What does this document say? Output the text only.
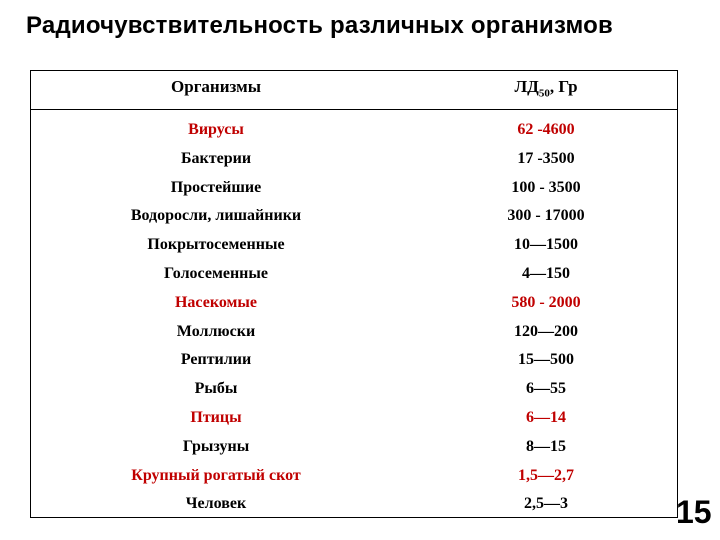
Радиочувствительность различных организмов
Организмы	$ЛД_{50}$, Гр
Вирусы
Бактерии
Простейшие
Водоросли, лишайники
Покрытосеменные
Голосеменные
Насекомые
Моллюски
Рептилии
Рыбы
Птицы
Грызуны
Крупный рогатый скот
Человек
62 -4600
17 -3500
100 - 3500
300 - 17000
10—1500
4—150
580 - 2000
120—200
15—500
6—55
6—14
8—15
1,5—2,7
2,5—3	15
